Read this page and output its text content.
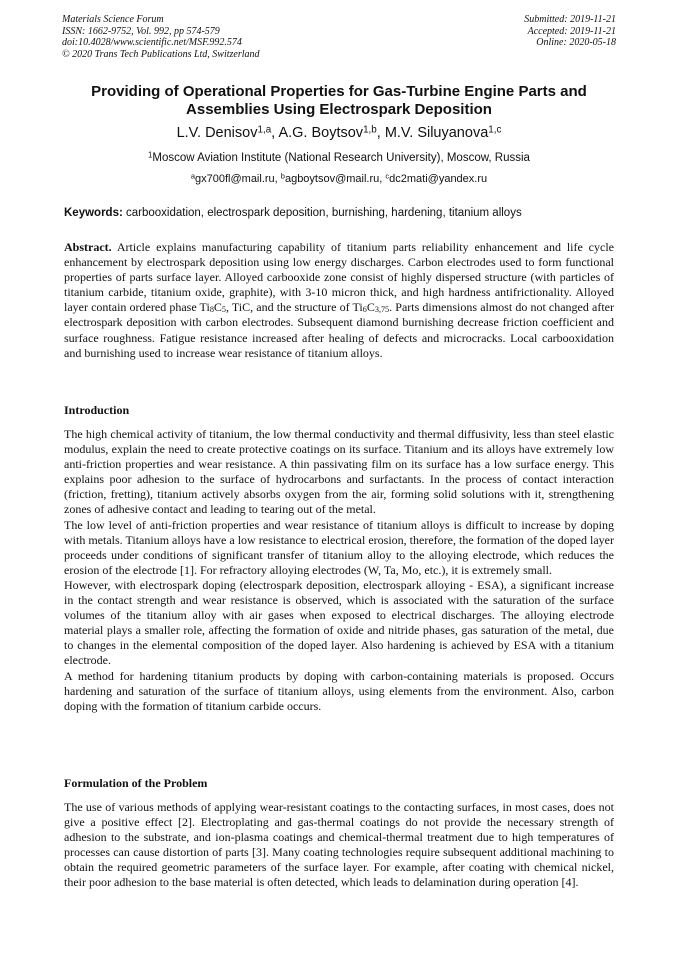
Materials Science Forum
ISSN: 1662-9752, Vol. 992, pp 574-579
doi:10.4028/www.scientific.net/MSF.992.574
© 2020 Trans Tech Publications Ltd, Switzerland
Submitted: 2019-11-21
Accepted: 2019-11-21
Online: 2020-05-18
Providing of Operational Properties for Gas-Turbine Engine Parts and Assemblies Using Electrospark Deposition
L.V. Denisov$^{1,a}$, A.G. Boytsov$^{1,b}$, M.V. Siluyanova$^{1,c}$
$^1$Moscow Aviation Institute (National Research University), Moscow, Russia
$^a$gx700fl@mail.ru, $^b$agboytsov@mail.ru, $^c$dc2mati@yandex.ru
Keywords: carbooxidation, electrospark deposition, burnishing, hardening, titanium alloys

Abstract. Article explains manufacturing capability of titanium parts reliability enhancement and life cycle enhancement by electrospark deposition using low energy discharges. Carbon electrodes used to form functional properties of parts surface layer. Alloyed carbooxide zone consist of highly dispersed structure (with particles of titanium carbide, titanium oxide, graphite), with 3-10 micron thick, and high hardness antifrictionality. Alloyed layer contain ordered phase $Ti_8C_5$, TiC, and the structure of $Ti_6C_{3,75}$. Parts dimensions almost do not changed after electrospark deposition with carbon electrodes. Subsequent diamond burnishing decrease friction coefficient and surface roughness. Fatigue resistance increased after healing of defects and microcracks. Local carbooxidation and burnishing used to increase wear resistance of titanium alloys.

Introduction

The high chemical activity of titanium, the low thermal conductivity and thermal diffusivity, less than steel elastic modulus, explain the need to create protective coatings on its surface. Titanium and its alloys have extremely low anti-friction properties and wear resistance. A thin passivating film on its surface has a low surface energy. This explains poor adhesion to the surface of hydrocarbons and surfactants. In the process of contact interaction (friction, fretting), titanium actively absorbs oxygen from the air, forming solid solutions with it, strengthening zones of adhesive contact and leading to tearing out of the metal.

The low level of anti-friction properties and wear resistance of titanium alloys is difficult to increase by doping with metals. Titanium alloys have a low resistance to electrical erosion, therefore, the formation of the doped layer proceeds under conditions of significant transfer of titanium alloy to the alloying electrode, which reduces the erosion of the electrode [1]. For refractory alloying electrodes (W, Ta, Mo, etc.), it is extremely small.

However, with electrospark doping (electrospark deposition, electrospark alloying - ESA), a significant increase in the contact strength and wear resistance is observed, which is associated with the saturation of the surface volumes of the titanium alloy with air gases when exposed to electrical discharges. The alloying electrode material plays a smaller role, affecting the formation of oxide and nitride phases, gas saturation of the metal, due to changes in the elemental composition of the doped layer. Also hardening is achieved by ESA with a titanium electrode.

A method for hardening titanium products by doping with carbon-containing materials is proposed. Occurs hardening and saturation of the surface of titanium alloys, using elements from the environment. Also, carbon doping with the formation of titanium carbide occurs.

Formulation of the Problem

The use of various methods of applying wear-resistant coatings to the contacting surfaces, in most cases, does not give a positive effect [2]. Electroplating and gas-thermal coatings do not provide the necessary strength of adhesion to the substrate, and ion-plasma coatings and chemical-thermal treatment due to high temperatures of processes can cause distortion of parts [3]. Many coating technologies require subsequent additional machining to obtain the required geometric parameters of the surface layer. For example, after coating with chemical nickel, their poor adhesion to the base material is often detected, which leads to delamination during operation [4].
